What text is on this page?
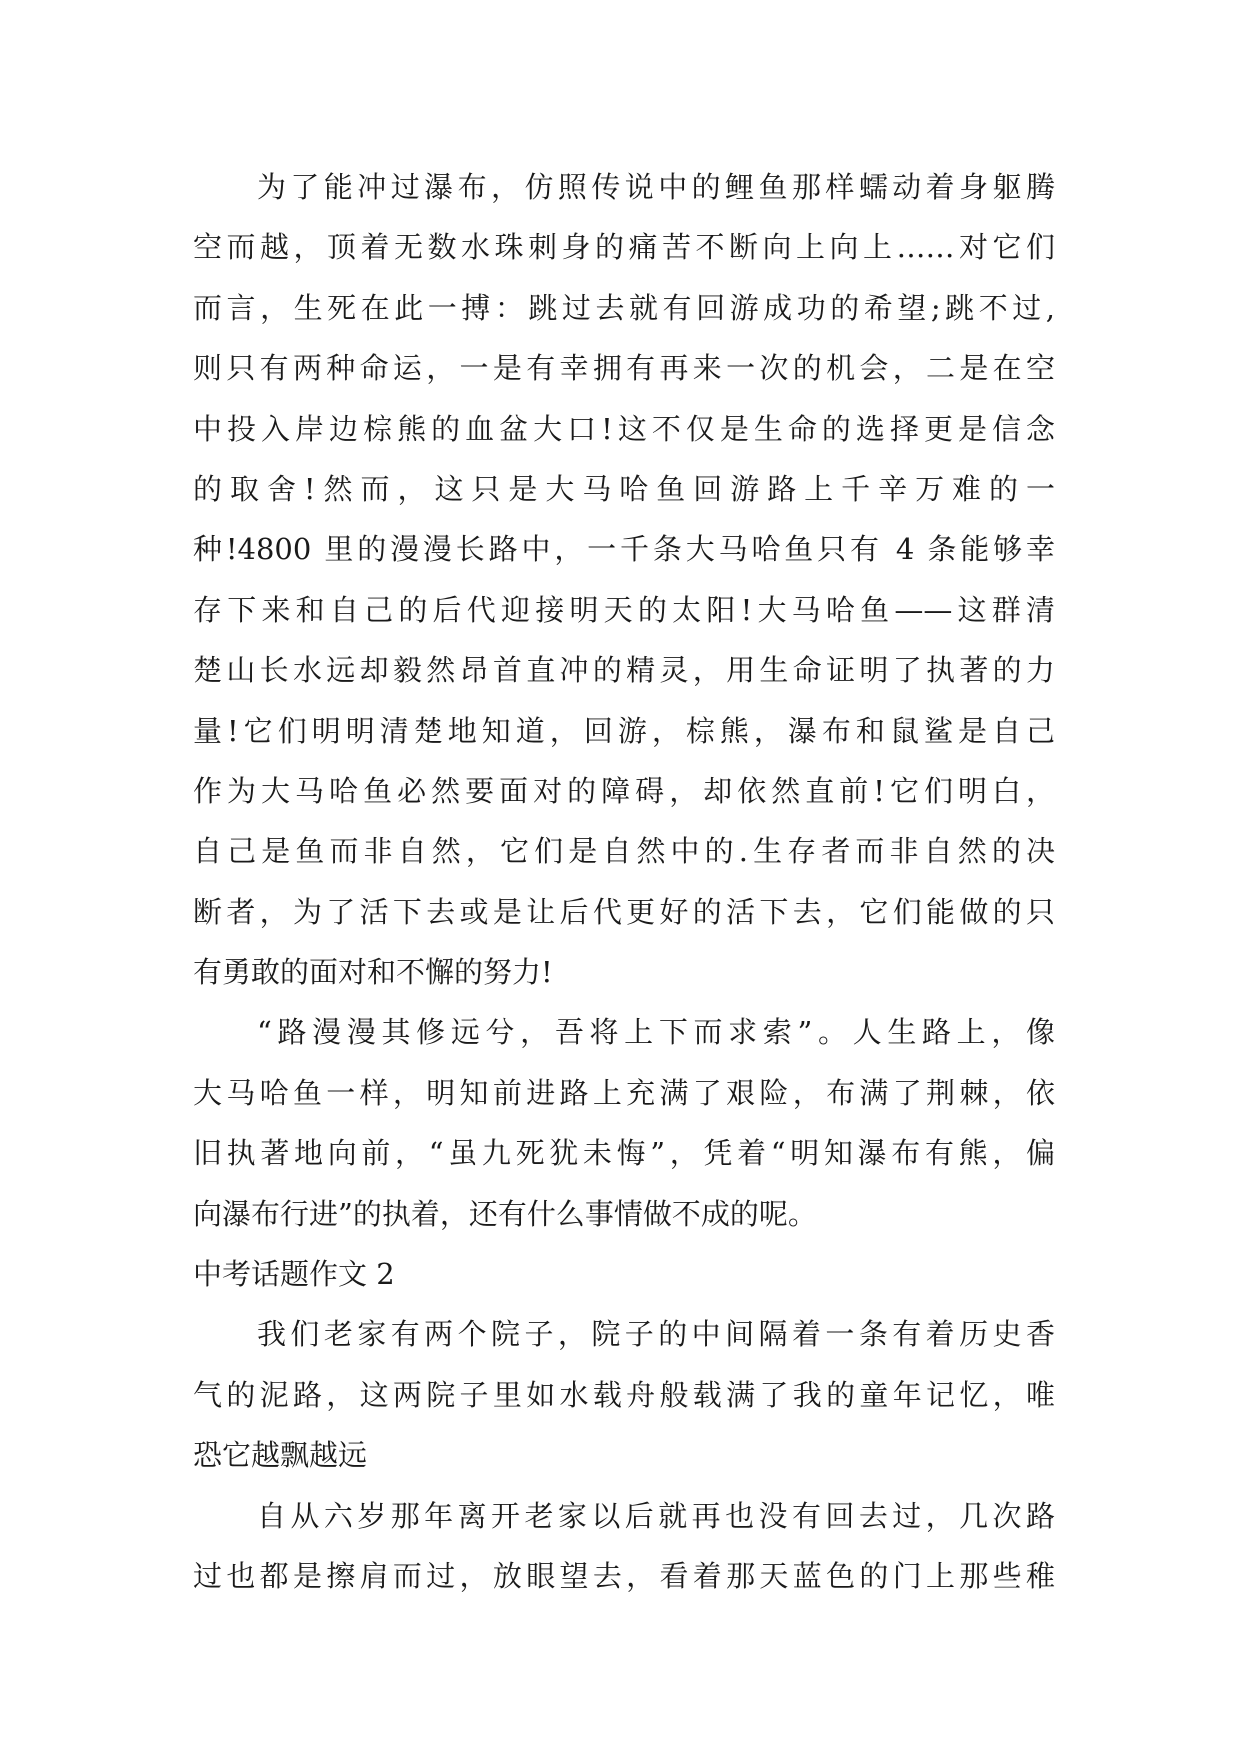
为了能冲过瀑布，仿照传说中的鲤鱼那样蠕动着身躯腾
空而越，顶着无数水珠刺身的痛苦不断向上向上……对它们
而言，生死在此一搏：跳过去就有回游成功的希望;跳不过,
则只有两种命运，一是有幸拥有再来一次的机会，二是在空
中投入岸边棕熊的血盆大口!这不仅是生命的选择更是信念
的取舍!然而，这只是大马哈鱼回游路上千辛万难的一
种!4800 里的漫漫长路中，一千条大马哈鱼只有 4 条能够幸
存下来和自己的后代迎接明天的太阳!大马哈鱼——这群清
楚山长水远却毅然昂首直冲的精灵，用生命证明了执著的力
量!它们明明清楚地知道，回游，棕熊，瀑布和鼠鲨是自己
作为大马哈鱼必然要面对的障碍，却依然直前!它们明白，
自己是鱼而非自然，它们是自然中的.生存者而非自然的决
断者，为了活下去或是让后代更好的活下去，它们能做的只
有勇敢的面对和不懈的努力!
“路漫漫其修远兮，吾将上下而求索”。人生路上，像
大马哈鱼一样，明知前进路上充满了艰险，布满了荆棘，依
旧执著地向前，“虽九死犹未悔”，凭着“明知瀑布有熊，偏
向瀑布行进”的执着，还有什么事情做不成的呢。
中考话题作文 2
我们老家有两个院子，院子的中间隔着一条有着历史香
气的泥路，这两院子里如水载舟般载满了我的童年记忆，唯
恐它越飘越远
自从六岁那年离开老家以后就再也没有回去过，几次路
过也都是擦肩而过，放眼望去，看着那天蓝色的门上那些稚
